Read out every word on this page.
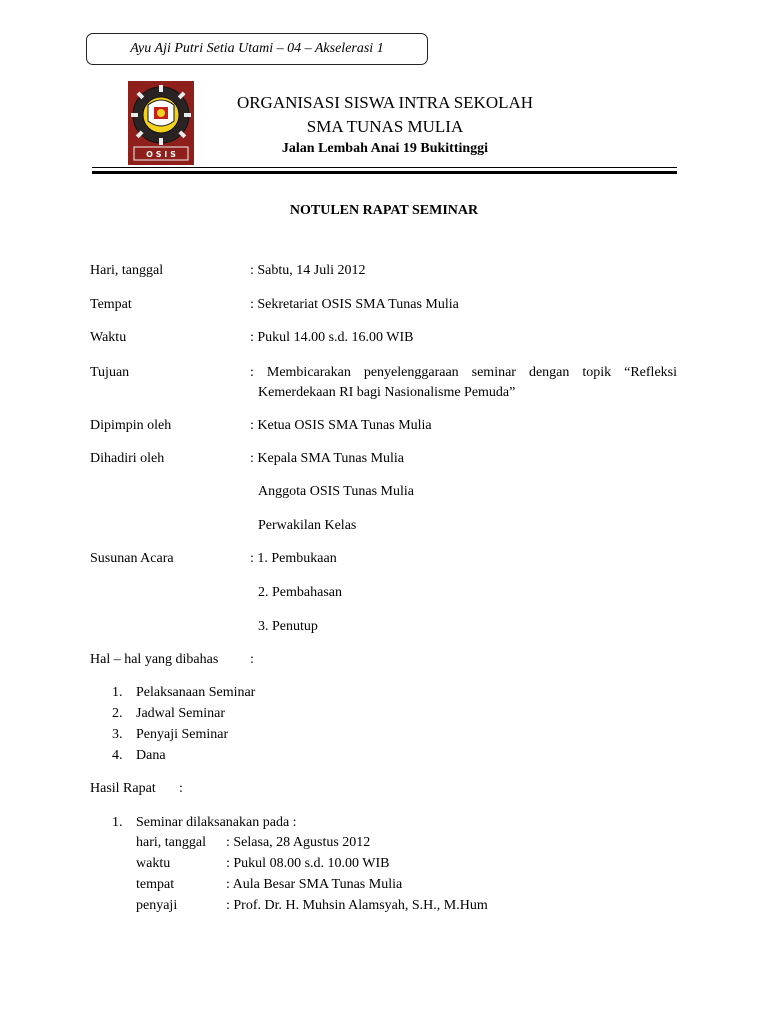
Ayu Aji Putri Setia Utami – 04 – Akselerasi 1
O S I S
ORGANISASI SISWA INTRA SEKOLAH
SMA TUNAS MULIA
Jalan Lembah Anai 19 Bukittinggi
NOTULEN RAPAT SEMINAR
Hari, tanggal	: Sabtu, 14 Juli 2012
Tempat	: Sekretariat OSIS SMA Tunas Mulia
Waktu	: Pukul 14.00 s.d. 16.00 WIB
Tujuan	:  Membicarakan  penyelenggaraan  seminar  dengan  topik  “Refleksi
Kemerdekaan RI bagi Nasionalisme Pemuda”
Dipimpin oleh	: Ketua OSIS SMA Tunas Mulia
Dihadiri oleh	: Kepala SMA Tunas Mulia
Anggota OSIS Tunas Mulia
Perwakilan Kelas
Susunan Acara	: 1. Pembukaan
2. Pembahasan
3. Penutup
Hal – hal yang dibahas :
1. Pelaksanaan Seminar
2. Jadwal Seminar
3. Penyaji Seminar
4. Dana
Hasil Rapat :
1. Seminar dilaksanakan pada :
hari, tanggal : Selasa, 28 Agustus 2012
waktu	: Pukul 08.00 s.d. 10.00 WIB
tempat	: Aula Besar SMA Tunas Mulia
penyaji	: Prof. Dr. H. Muhsin Alamsyah, S.H., M.Hum
